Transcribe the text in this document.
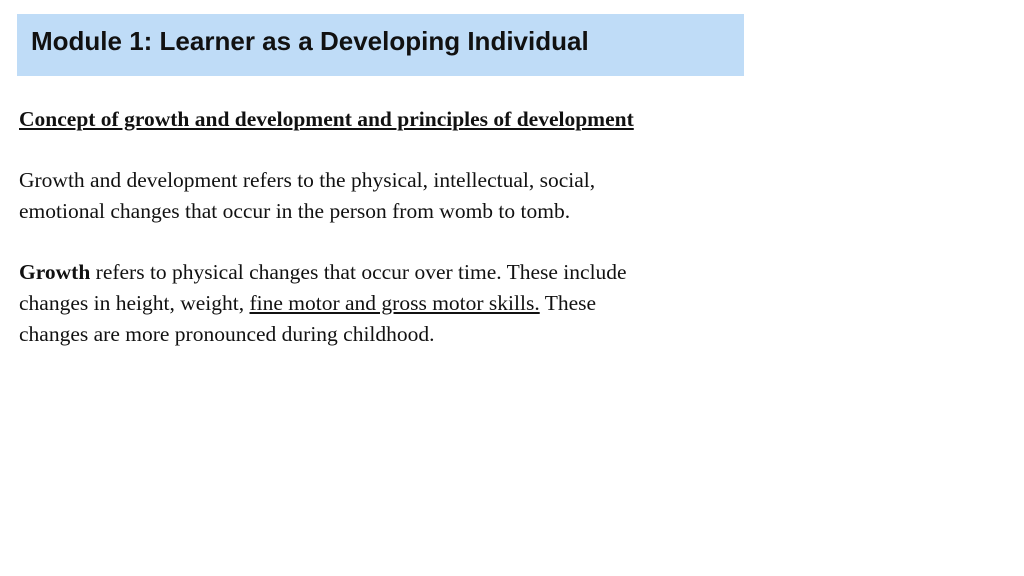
Module 1: Learner as a Developing Individual
Concept of growth and development and principles of development
Growth and development refers to the physical, intellectual, social,
emotional changes that occur in the person from womb to tomb.
Growth refers to physical changes that occur over time. These include
changes in height, weight, fine motor and gross motor skills. These
changes are more pronounced during childhood.
